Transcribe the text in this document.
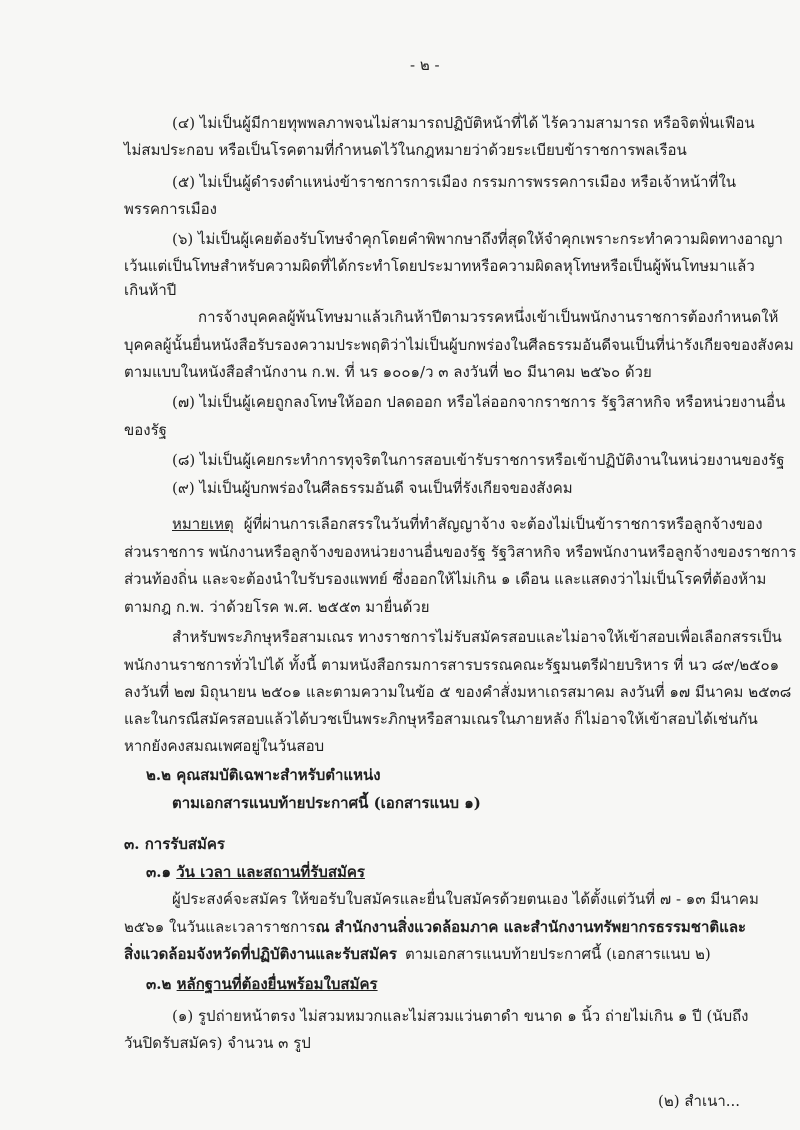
- ๒ -
(๔) ไม่เป็นผู้มีกายทุพพลภาพจนไม่สามารถปฏิบัติหน้าที่ได้ ไร้ความสามารถ หรือจิตฟั่นเฟือน
ไม่สมประกอบ หรือเป็นโรคตามที่กำหนดไว้ในกฎหมายว่าด้วยระเบียบข้าราชการพลเรือน
(๕) ไม่เป็นผู้ดำรงตำแหน่งข้าราชการการเมือง กรรมการพรรคการเมือง หรือเจ้าหน้าที่ใน
พรรคการเมือง
(๖) ไม่เป็นผู้เคยต้องรับโทษจำคุกโดยคำพิพากษาถึงที่สุดให้จำคุกเพราะกระทำความผิดทางอาญา
เว้นแต่เป็นโทษสำหรับความผิดที่ได้กระทำโดยประมาทหรือความผิดลหุโทษหรือเป็นผู้พ้นโทษมาแล้ว
เกินห้าปี
การจ้างบุคคลผู้พ้นโทษมาแล้วเกินห้าปีตามวรรคหนึ่งเข้าเป็นพนักงานราชการต้องกำหนดให้
บุคคลผู้นั้นยื่นหนังสือรับรองความประพฤติว่าไม่เป็นผู้บกพร่องในศีลธรรมอันดีจนเป็นที่น่ารังเกียจของสังคม
ตามแบบในหนังสือสำนักงาน ก.พ. ที่ นร ๑๐๐๑/ว ๓ ลงวันที่ ๒๐ มีนาคม ๒๕๖๐ ด้วย
(๗) ไม่เป็นผู้เคยถูกลงโทษให้ออก ปลดออก หรือไล่ออกจากราชการ รัฐวิสาหกิจ หรือหน่วยงานอื่น
ของรัฐ
(๘) ไม่เป็นผู้เคยกระทำการทุจริตในการสอบเข้ารับราชการหรือเข้าปฏิบัติงานในหน่วยงานของรัฐ
(๙) ไม่เป็นผู้บกพร่องในศีลธรรมอันดี จนเป็นที่รังเกียจของสังคม
หมายเหตุ ผู้ที่ผ่านการเลือกสรรในวันที่ทำสัญญาจ้าง จะต้องไม่เป็นข้าราชการหรือลูกจ้างของ
ส่วนราชการ พนักงานหรือลูกจ้างของหน่วยงานอื่นของรัฐ รัฐวิสาหกิจ หรือพนักงานหรือลูกจ้างของราชการ
ส่วนท้องถิ่น และจะต้องนำใบรับรองแพทย์ ซึ่งออกให้ไม่เกิน ๑ เดือน และแสดงว่าไม่เป็นโรคที่ต้องห้าม
ตามกฎ ก.พ. ว่าด้วยโรค พ.ศ. ๒๕๕๓ มายื่นด้วย
สำหรับพระภิกษุหรือสามเณร ทางราชการไม่รับสมัครสอบและไม่อาจให้เข้าสอบเพื่อเลือกสรรเป็น
พนักงานราชการทั่วไปได้ ทั้งนี้ ตามหนังสือกรมการสารบรรณคณะรัฐมนตรีฝ่ายบริหาร ที่ นว ๘๙/๒๕๐๑
ลงวันที่ ๒๗ มิถุนายน ๒๕๐๑ และตามความในข้อ ๕ ของคำสั่งมหาเถรสมาคม ลงวันที่ ๑๗ มีนาคม ๒๕๓๘
และในกรณีสมัครสอบแล้วได้บวชเป็นพระภิกษุหรือสามเณรในภายหลัง ก็ไม่อาจให้เข้าสอบได้เช่นกัน
หากยังคงสมณเพศอยู่ในวันสอบ
๒.๒ คุณสมบัติเฉพาะสำหรับตำแหน่ง
ตามเอกสารแนบท้ายประกาศนี้ (เอกสารแนบ ๑)
๓. การรับสมัคร
๓.๑ วัน เวลา และสถานที่รับสมัคร
ผู้ประสงค์จะสมัคร ให้ขอรับใบสมัครและยื่นใบสมัครด้วยตนเอง ได้ตั้งแต่วันที่ ๗ - ๑๓ มีนาคม
๒๕๖๑ ในวันและเวลาราชการ ณ สำนักงานสิ่งแวดล้อมภาค และสำนักงานทรัพยากรธรรมชาติและ
สิ่งแวดล้อมจังหวัดที่ปฏิบัติงานและรับสมัคร ตามเอกสารแนบท้ายประกาศนี้ (เอกสารแนบ ๒)
๓.๒ หลักฐานที่ต้องยื่นพร้อมใบสมัคร
(๑) รูปถ่ายหน้าตรง ไม่สวมหมวกและไม่สวมแว่นตาดำ ขนาด ๑ นิ้ว ถ่ายไม่เกิน ๑ ปี (นับถึง
วันปิดรับสมัคร) จำนวน ๓ รูป
(๒) สำเนา...
